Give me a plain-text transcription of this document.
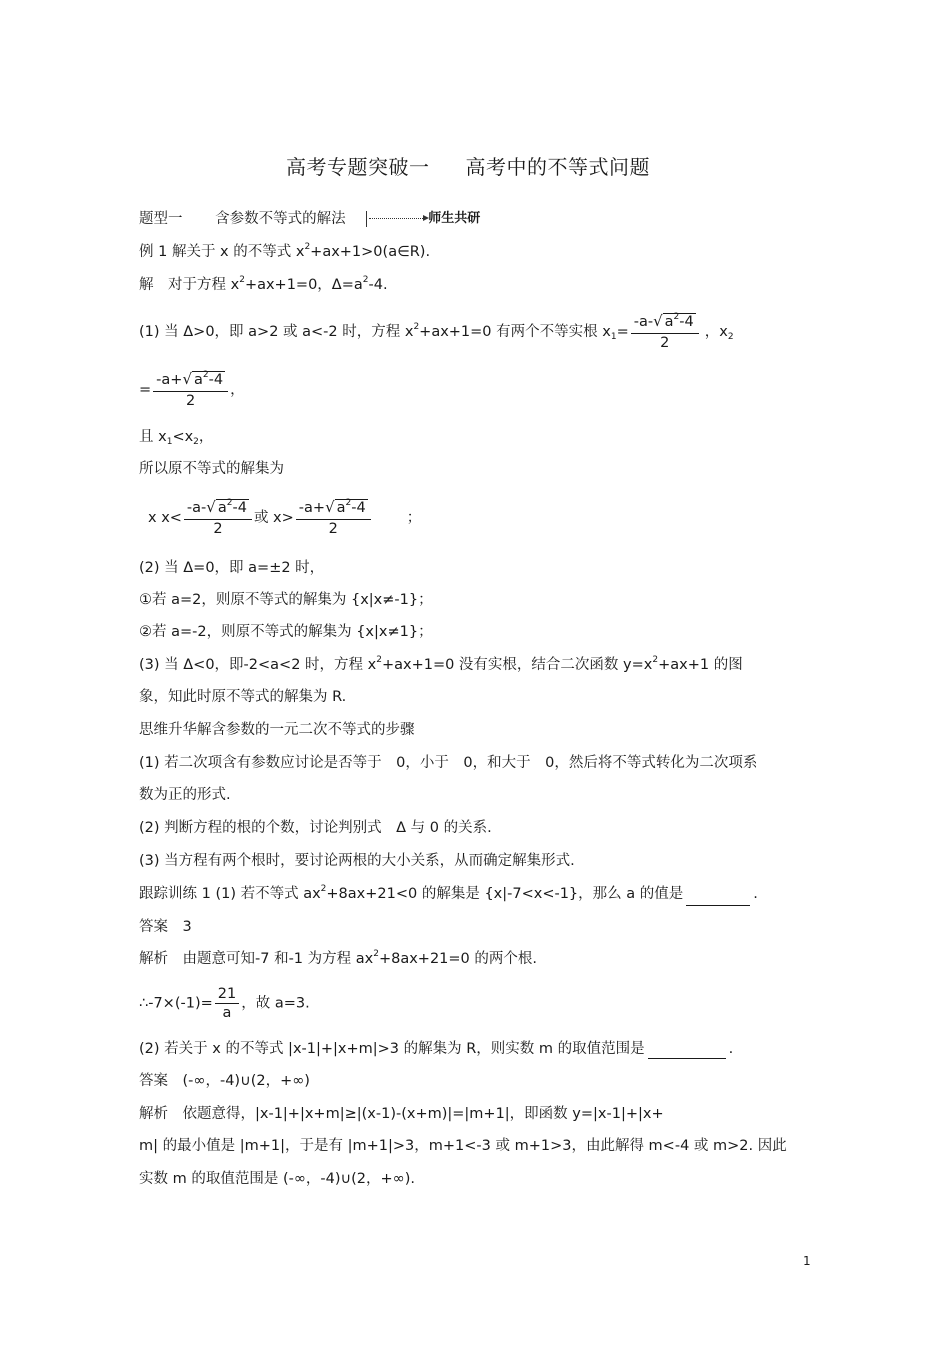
高考专题突破一 高考中的不等式问题
题型一 含参数不等式的解法	师生共研
例 1 解关于 x 的不等式 $x^2+ax+1>0(a\in R)$.
解　对于方程 $x^2+ax+1=0$，$\Delta=a^2-4$.
(1) 当 Δ>0，即 a>2 或 a<-2 时，方程 $x^2+ax+1=0$ 有两个不等实根 $x_1= \frac{-a-√ a^2-4}{2}$ ，$x_2$
= $\frac{-a+√ a^2-4}{2}$ ，
且 $x_1<x_2$，
所以原不等式的解集为
x $x< \frac{-a-√ a^2-4}{2}$ 或 $x> \frac{-a+√ a^2-4}{2}$ ；
(2) 当 Δ=0，即 a=±2 时，
①若 a=2，则原不等式的解集为 {x|x≠-1}；
②若 a=-2，则原不等式的解集为 {x|x≠1}；
(3) 当 Δ<0，即-2<a<2 时，方程 $x^2+ax+1=0$ 没有实根，结合二次函数 $y=x^2+ax+1$ 的图
象，知此时原不等式的解集为 R.
思维升华解含参数的一元二次不等式的步骤
(1) 若二次项含有参数应讨论是否等于　0，小于　0，和大于　0，然后将不等式转化为二次项系
数为正的形式.
(2) 判断方程的根的个数，讨论判别式　Δ 与 0 的关系.
(3) 当方程有两个根时，要讨论两根的大小关系，从而确定解集形式.
跟踪训练 1 (1) 若不等式 $ax^2+8ax+21<0$ 的解集是 {x|-7<x<-1}，那么 a 的值是	.
答案　3
解析　由题意可知-7 和-1 为方程 $ax^2+8ax+21=0$ 的两个根.
∴-7×(-1)= $\frac{21}{a}$ ，故 a=3.
(2) 若关于 x 的不等式 |x-1|+|x+m|>3 的解集为 R，则实数 m 的取值范围是	.
答案　(-∞，-4)∪(2，+∞)
解析　依题意得，|x-1|+|x+m|≥|(x-1)-(x+m)|=|m+1|，即函数 y=|x-1|+|x+
m| 的最小值是 |m+1|，于是有 |m+1|>3，m+1<-3 或 m+1>3，由此解得 m<-4 或 m>2. 因此
实数 m 的取值范围是 (-∞，-4)∪(2，+∞).
1
